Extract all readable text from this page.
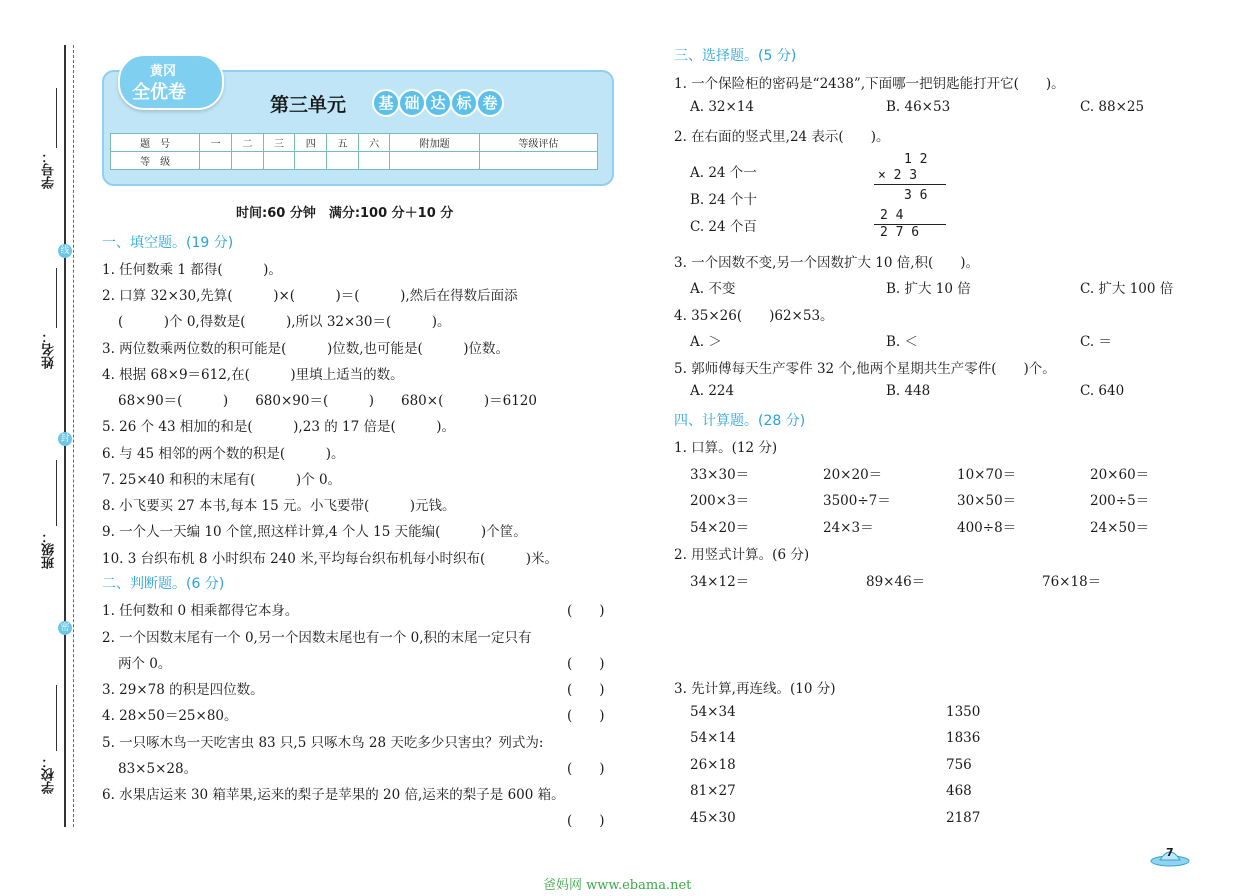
学号：
姓名：
班级：
学校：
线
封
密
黄冈
全优卷
第三单元	基 础 达 标 卷
题　号	一	二	三	四	五	六	附加题	等级评估
等　级								
时间:60 分钟　满分:100 分＋10 分
一、填空题。(19 分)
1. 任何数乘 1 都得(　　　)。
2. 口算 32×30,先算(　　　)×(　　　)＝(　　　),然后在得数后面添
(　　　)个 0,得数是(　　　),所以 32×30＝(　　　)。
3. 两位数乘两位数的积可能是(　　　)位数,也可能是(　　　)位数。
4. 根据 68×9＝612,在(　　　)里填上适当的数。
68×90＝(　　　)　　680×90＝(　　　)　　680×(　　　)＝6120
5. 26 个 43 相加的和是(　　　),23 的 17 倍是(　　　)。
6. 与 45 相邻的两个数的积是(　　　)。
7. 25×40 和积的末尾有(　　　)个 0。
8. 小飞要买 27 本书,每本 15 元。小飞要带(　　　)元钱。
9. 一个人一天编 10 个筐,照这样计算,4 个人 15 天能编(　　　)个筐。
10. 3 台织布机 8 小时织布 240 米,平均每台织布机每小时织布(　　　)米。
二、判断题。(6 分)
1. 任何数和 0 相乘都得它本身。	(　　)
2. 一个因数末尾有一个 0,另一个因数末尾也有一个 0,积的末尾一定只有
两个 0。	(　　)
3. 29×78 的积是四位数。	(　　)
4. 28×50＝25×80。	(　　)
5. 一只啄木鸟一天吃害虫 83 只,5 只啄木鸟 28 天吃多少只害虫？列式为:
83×5×28。	(　　)
6. 水果店运来 30 箱苹果,运来的梨子是苹果的 20 倍,运来的梨子是 600 箱。
(　　)
三、选择题。(5 分)
1. 一个保险柜的密码是“2438”,下面哪一把钥匙能打开它(　　)。
A. 32×14	B. 46×53	C. 88×25
2. 在右面的竖式里,24 表示(　　)。
A. 24 个一
B. 24 个十
C. 24 个百
1 2
× 2 3
3 6
2 4
2 7 6
3. 一个因数不变,另一个因数扩大 10 倍,积(　　)。
A. 不变	B. 扩大 10 倍	C. 扩大 100 倍
4. 35×26(　　)62×53。
A. ＞	B. ＜	C. ＝
5. 郭师傅每天生产零件 32 个,他两个星期共生产零件(　　)个。
A. 224	B. 448	C. 640
四、计算题。(28 分)
1. 口算。(12 分)
33×30＝	20×20＝	10×70＝	20×60＝
200×3＝	3500÷7＝	30×50＝	200÷5＝
54×20＝	24×3＝	400÷8＝	24×50＝
2. 用竖式计算。(6 分)
34×12＝	89×46＝	76×18＝
3. 先计算,再连线。(10 分)
54×34
54×14
26×18
81×27
45×30
1350
1836
756
468
2187
7
爸妈网 www.ebama.net
